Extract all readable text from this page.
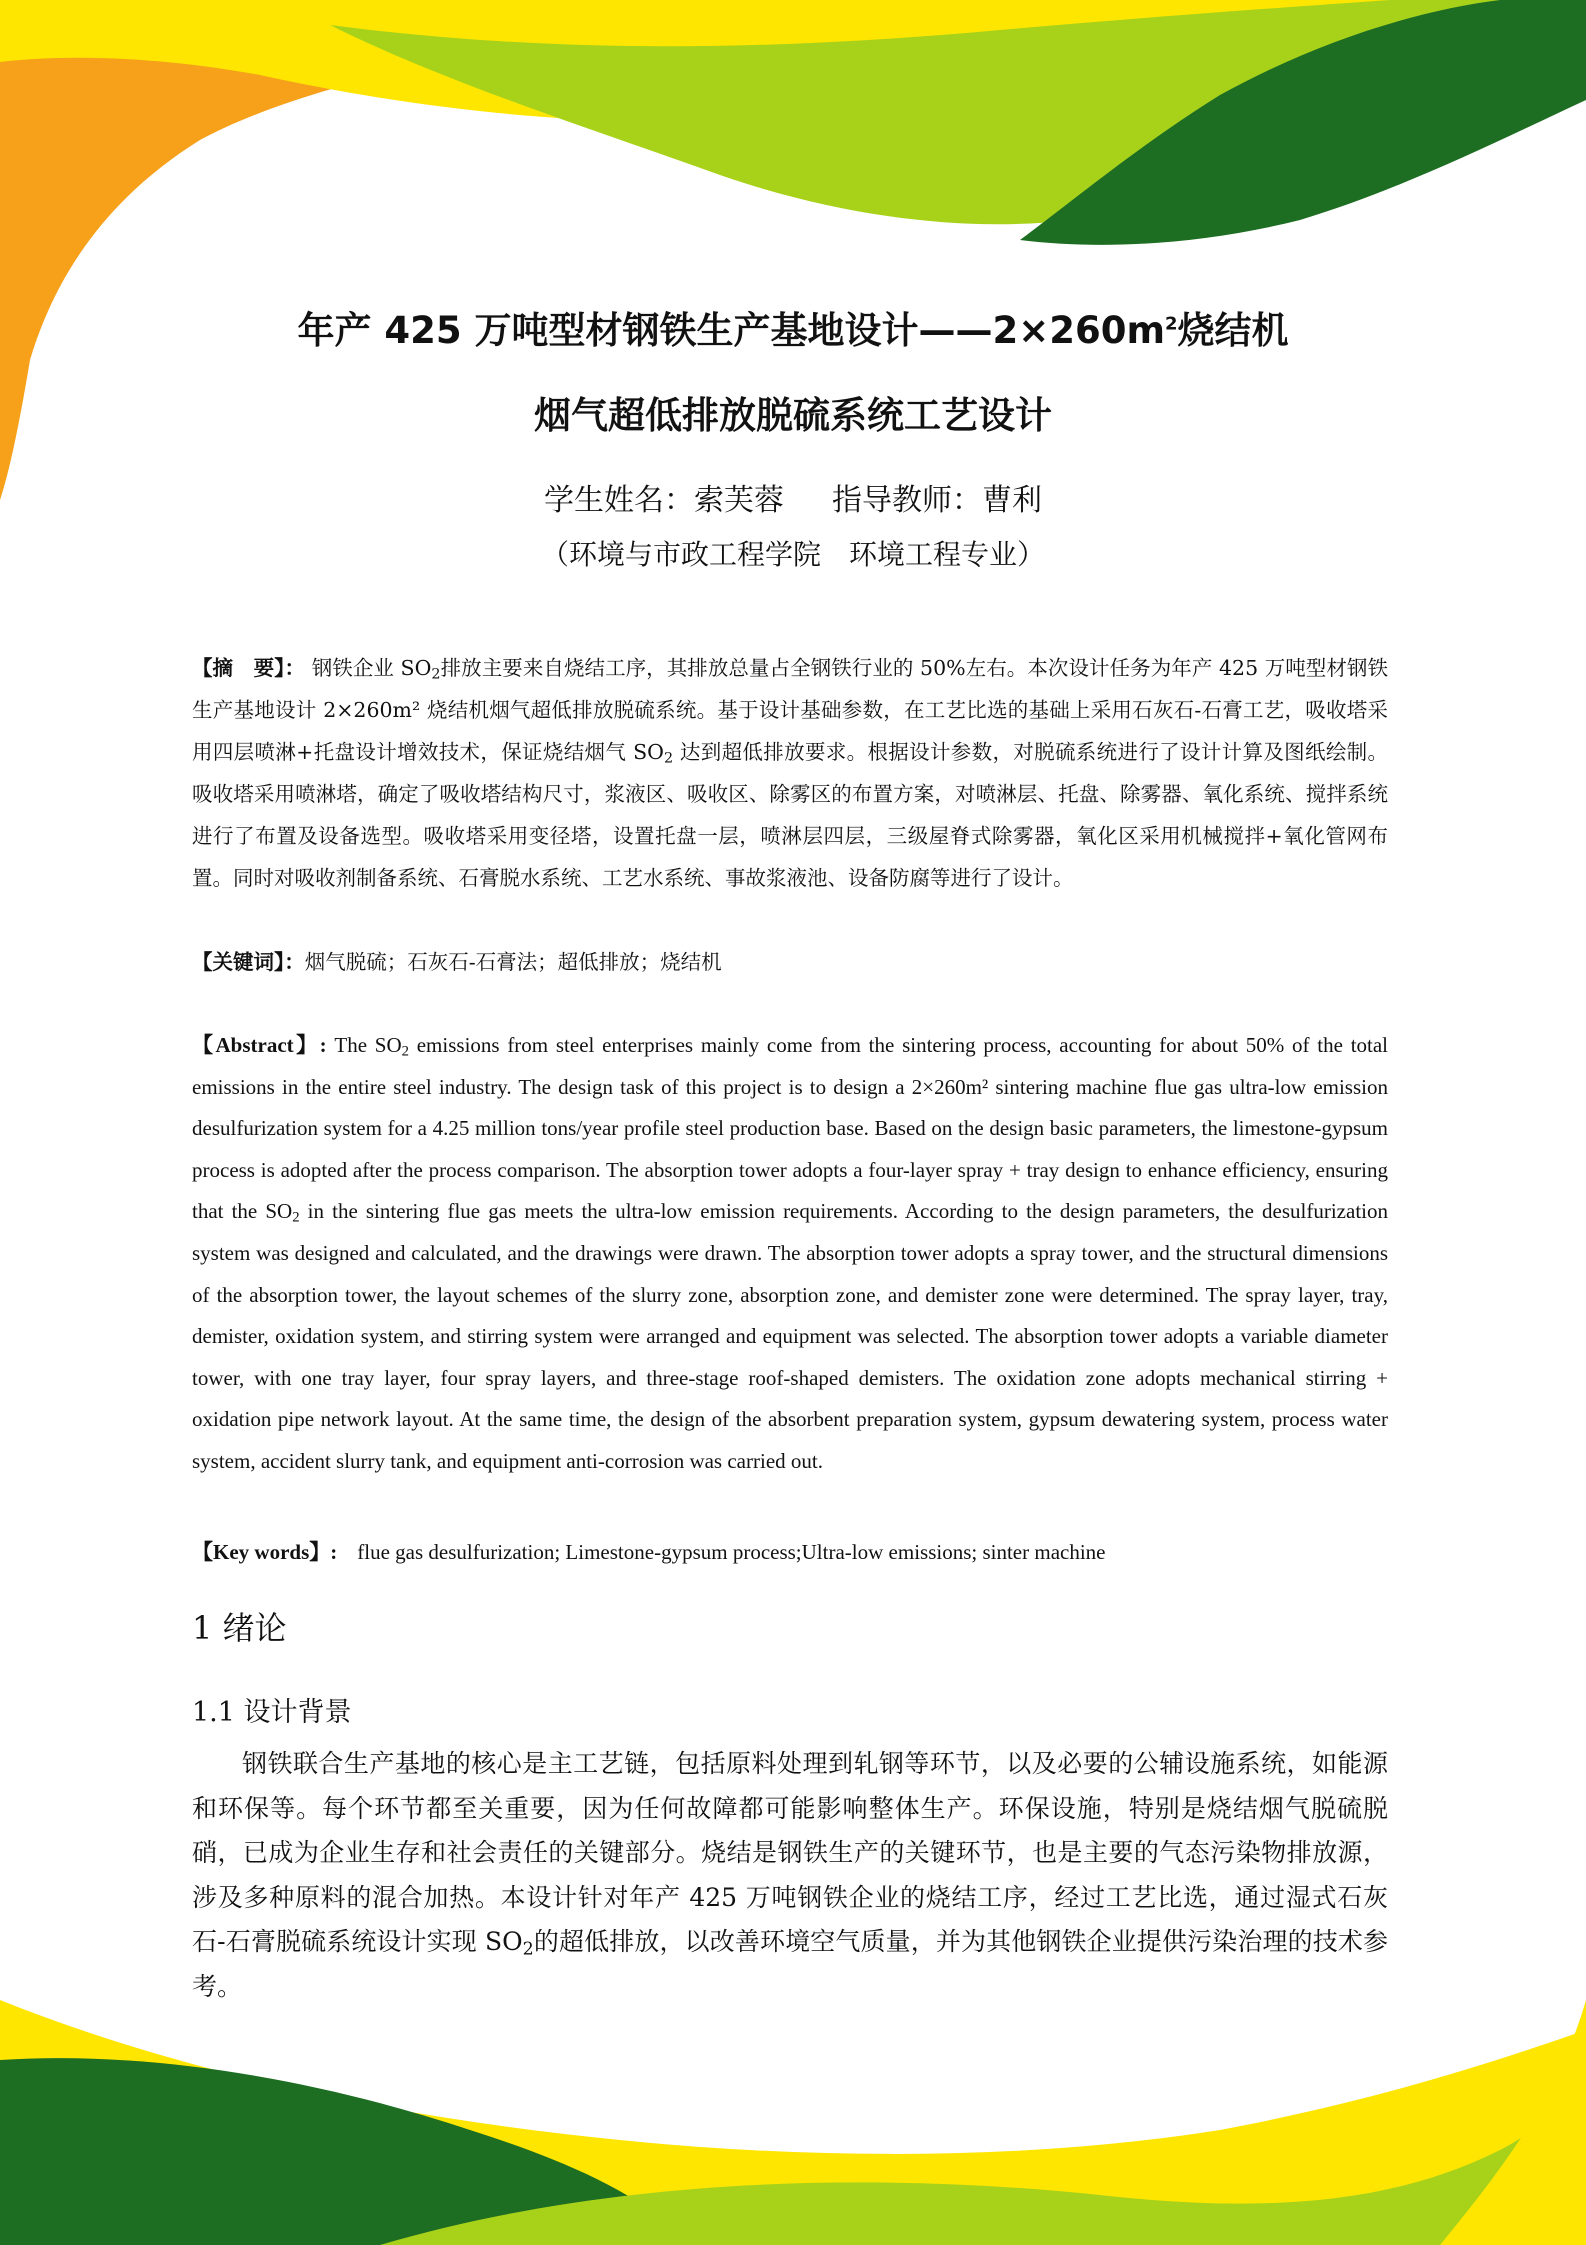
年产 425 万吨型材钢铁生产基地设计$——2\times 260m^2$烧结机
烟气超低排放脱硫系统工艺设计
学生姓名：索芙蓉 指导教师：曹利
（环境与市政工程学院 环境工程专业）
【摘　要】： 钢铁企业 $SO_2$排放主要来自烧结工序，其排放总量占全钢铁行业的 50%左右。本次设计任务为年产 425 万吨型材钢铁生产基地设计 2×260m² 烧结机烟气超低排放脱硫系统。基于设计基础参数，在工艺比选的基础上采用石灰石-石膏工艺，吸收塔采用四层喷淋+托盘设计增效技术，保证烧结烟气 $SO_2$ 达到超低排放要求。根据设计参数，对脱硫系统进行了设计计算及图纸绘制。吸收塔采用喷淋塔，确定了吸收塔结构尺寸，浆液区、吸收区、除雾区的布置方案，对喷淋层、托盘、除雾器、氧化系统、搅拌系统进行了布置及设备选型。吸收塔采用变径塔，设置托盘一层，喷淋层四层，三级屋脊式除雾器，氧化区采用机械搅拌+氧化管网布置。同时对吸收剂制备系统、石膏脱水系统、工艺水系统、事故浆液池、设备防腐等进行了设计。
【关键词】：烟气脱硫；石灰石-石膏法；超低排放；烧结机
【Abstract】: The $SO_2$ emissions from steel enterprises mainly come from the sintering process, accounting for about 50% of the total emissions in the entire steel industry. The design task of this project is to design a 2×260m² sintering machine flue gas ultra-low emission desulfurization system for a 4.25 million tons/year profile steel production base. Based on the design basic parameters, the limestone-gypsum process is adopted after the process comparison. The absorption tower adopts a four-layer spray + tray design to enhance efficiency, ensuring that the $SO_2$ in the sintering flue gas meets the ultra-low emission requirements. According to the design parameters, the desulfurization system was designed and calculated, and the drawings were drawn. The absorption tower adopts a spray tower, and the structural dimensions of the absorption tower, the layout schemes of the slurry zone, absorption zone, and demister zone were determined. The spray layer, tray, demister, oxidation system, and stirring system were arranged and equipment was selected. The absorption tower adopts a variable diameter tower, with one tray layer, four spray layers, and three-stage roof-shaped demisters. The oxidation zone adopts mechanical stirring + oxidation pipe network layout. At the same time, the design of the absorbent preparation system, gypsum dewatering system, process water system, accident slurry tank, and equipment anti-corrosion was carried out.
【Key words】: flue gas desulfurization; Limestone-gypsum process;Ultra-low emissions; sinter machine
1 绪论
1.1 设计背景

钢铁联合生产基地的核心是主工艺链，包括原料处理到轧钢等环节，以及必要的公辅设施系统，如能源和环保等。每个环节都至关重要，因为任何故障都可能影响整体生产。环保设施，特别是烧结烟气脱硫脱硝，已成为企业生存和社会责任的关键部分。烧结是钢铁生产的关键环节，也是主要的气态污染物排放源，涉及多种原料的混合加热。本设计针对年产 425 万吨钢铁企业的烧结工序，经过工艺比选，通过湿式石灰石-石膏脱硫系统设计实现 $SO_2$的超低排放，以改善环境空气质量，并为其他钢铁企业提供污染治理的技术参考。
